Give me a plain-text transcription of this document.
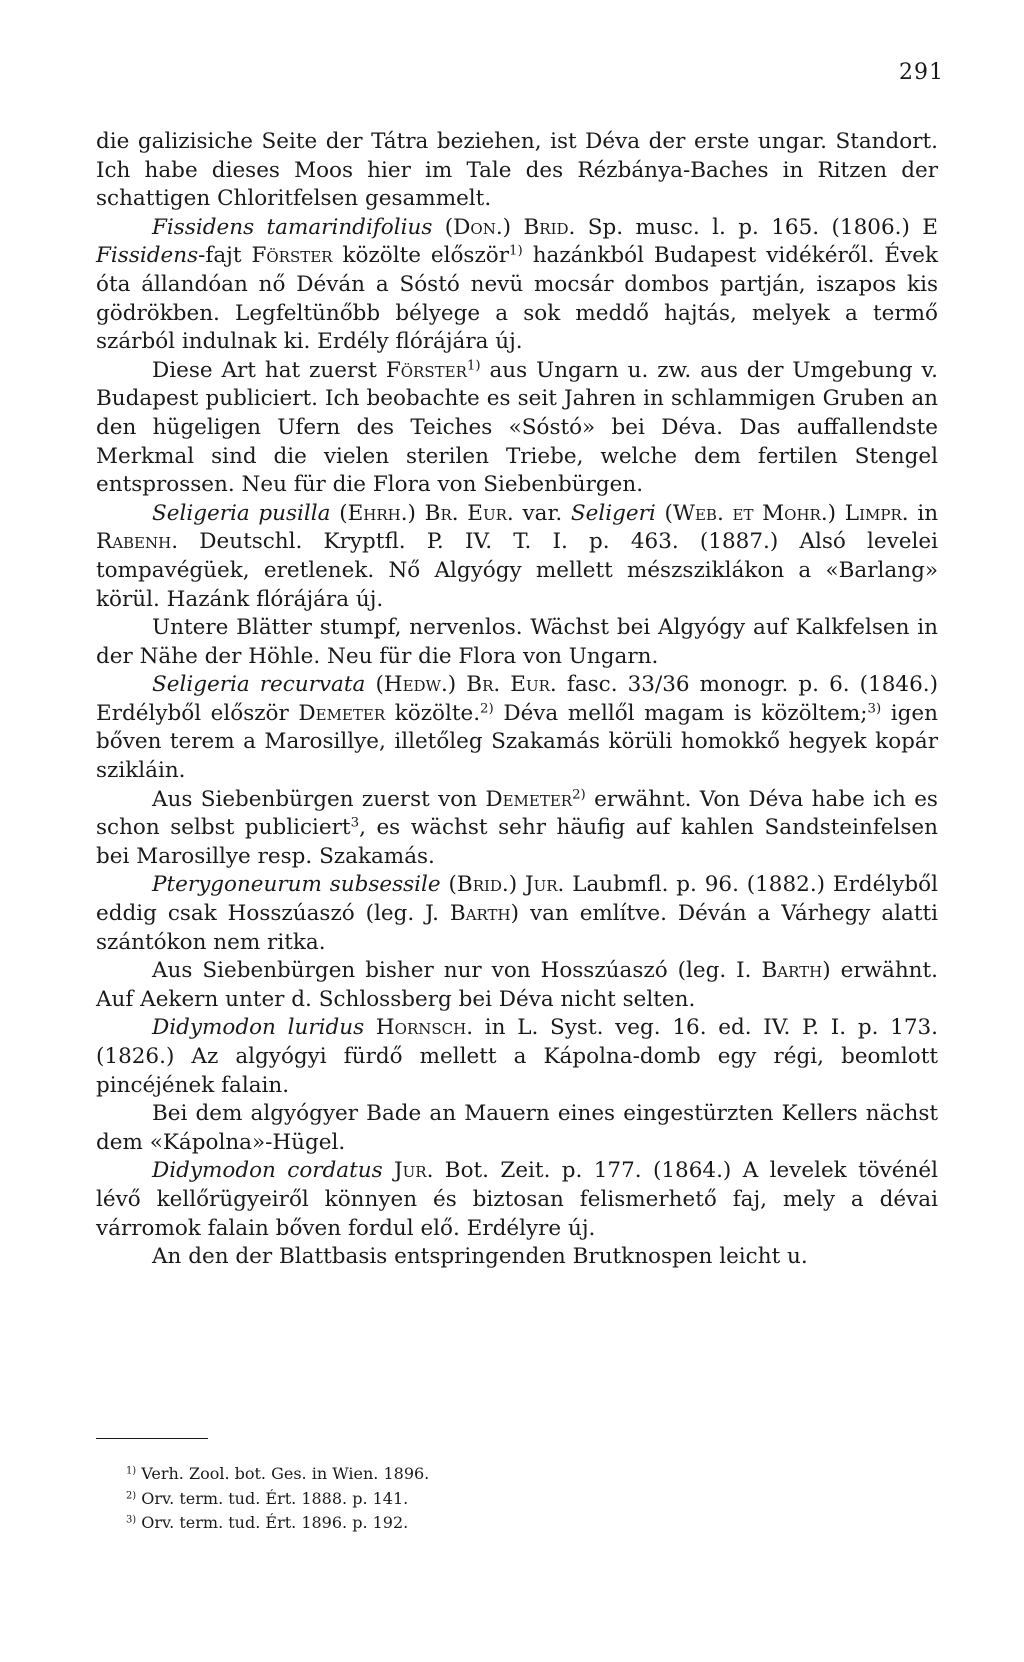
291

die galizisiche Seite der Tátra beziehen, ist Déva der erste ungar. Standort. Ich habe dieses Moos hier im Tale des Rézbánya-Baches in Ritzen der schattigen Chloritfelsen gesammelt.

Fissidens tamarindifolius (Don.) Brid. Sp. musc. l. p. 165. (1806.) E Fissidens-fajt Förster közölte először$^{1)}$ hazánkból Budapest vidékéről. Évek óta állandóan nő Déván a Sóstó nevü mocsár dombos partján, iszapos kis gödrökben. Legfeltünőbb bélyege a sok meddő hajtás, melyek a termő szárból indulnak ki. Erdély flórájára új.

Diese Art hat zuerst Förster$^{1)}$ aus Ungarn u. zw. aus der Umgebung v. Budapest publiciert. Ich beobachte es seit Jahren in schlammigen Gruben an den hügeligen Ufern des Teiches «Sóstó» bei Déva. Das auffallendste Merkmal sind die vielen sterilen Triebe, welche dem fertilen Stengel entsprossen. Neu für die Flora von Siebenbürgen.

Seligeria pusilla (Ehrh.) Br. Eur. var. Seligeri (Web. et Mohr.) Limpr. in Rabenh. Deutschl. Kryptfl. P. IV. T. I. p. 463. (1887.) Alsó levelei tompavégüek, eretlenek. Nő Algyógy mellett mészsziklákon a «Barlang» körül. Hazánk flórájára új.

Untere Blätter stumpf, nervenlos. Wächst bei Algyógy auf Kalkfelsen in der Nähe der Höhle. Neu für die Flora von Ungarn.

Seligeria recurvata (Hedw.) Br. Eur. fasc. 33/36 monogr. p. 6. (1846.) Erdélyből először Demeter közölte.$^{2)}$ Déva mellől magam is közöltem;$^{3)}$ igen bőven terem a Marosillye, illetőleg Szakamás körüli homokkő hegyek kopár szikláin.

Aus Siebenbürgen zuerst von Demeter$^{2)}$ erwähnt. Von Déva habe ich es schon selbst publiciert$^3$, es wächst sehr häufig auf kahlen Sandsteinfelsen bei Marosillye resp. Szakamás.

Pterygoneurum subsessile (Brid.) Jur. Laubmfl. p. 96. (1882.) Erdélyből eddig csak Hosszúaszó (leg. J. Barth) van említve. Déván a Várhegy alatti szántókon nem ritka.

Aus Siebenbürgen bisher nur von Hosszúaszó (leg. I. Barth) erwähnt. Auf Aekern unter d. Schlossberg bei Déva nicht selten.

Didymodon luridus Hornsch. in L. Syst. veg. 16. ed. IV. P. I. p. 173. (1826.) Az algyógyi fürdő mellett a Kápolna-domb egy régi, beomlott pincéjének falain.

Bei dem algyógyer Bade an Mauern eines eingestürzten Kellers nächst dem «Kápolna»-Hügel.

Didymodon cordatus Jur. Bot. Zeit. p. 177. (1864.) A levelek tövénél lévő kellőrügyeiről könnyen és biztosan felismerhető faj, mely a dévai várromok falain bőven fordul elő. Erdélyre új.

An den der Blattbasis entspringenden Brutknospen leicht u.

$^{1)}$ Verh. Zool. bot. Ges. in Wien. 1896.
$^{2)}$ Orv. term. tud. Ért. 1888. p. 141.
$^{3)}$ Orv. term. tud. Ért. 1896. p. 192.
